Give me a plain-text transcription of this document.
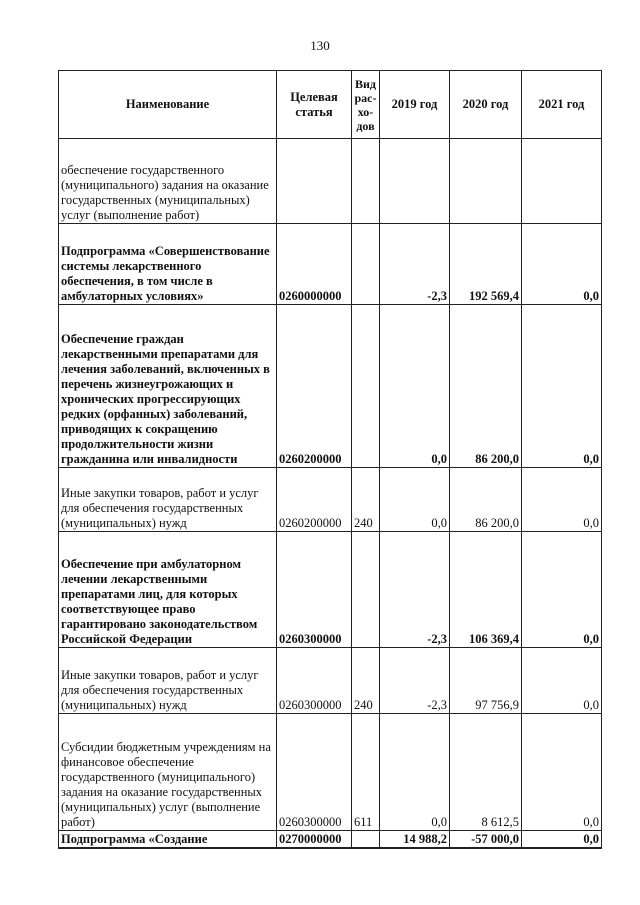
130
Наименование	Целевая статья	Вид рас-хо-дов	2019 год	2020 год	2021 год
обеспечение государственного (муниципального) задания на оказание государственных (муниципальных) услуг (выполнение работ)					
Подпрограмма «Совершенствование системы лекарственного обеспечения, в том числе в амбулаторных условиях»	0260000000		-2,3	192 569,4	0,0
Обеспечение граждан лекарственными препаратами для лечения заболеваний, включенных в перечень жизнеугрожающих и хронических прогрессирующих редких (орфанных) заболеваний, приводящих к сокращению продолжительности жизни гражданина или инвалидности	0260200000		0,0	86 200,0	0,0
Иные закупки товаров, работ и услуг для обеспечения государственных (муниципальных) нужд	0260200000	240	0,0	86 200,0	0,0
Обеспечение при амбулаторном лечении лекарственными препаратами лиц, для которых соответствующее право гарантировано законодательством Российской Федерации	0260300000		-2,3	106 369,4	0,0
Иные закупки товаров, работ и услуг для обеспечения государственных (муниципальных) нужд	0260300000	240	-2,3	97 756,9	0,0
Субсидии бюджетным учреждениям на финансовое обеспечение государственного (муниципального) задания на оказание государственных (муниципальных) услуг (выполнение работ)	0260300000	611	0,0	8 612,5	0,0
Подпрограмма «Создание	0270000000		14 988,2	-57 000,0	0,0
